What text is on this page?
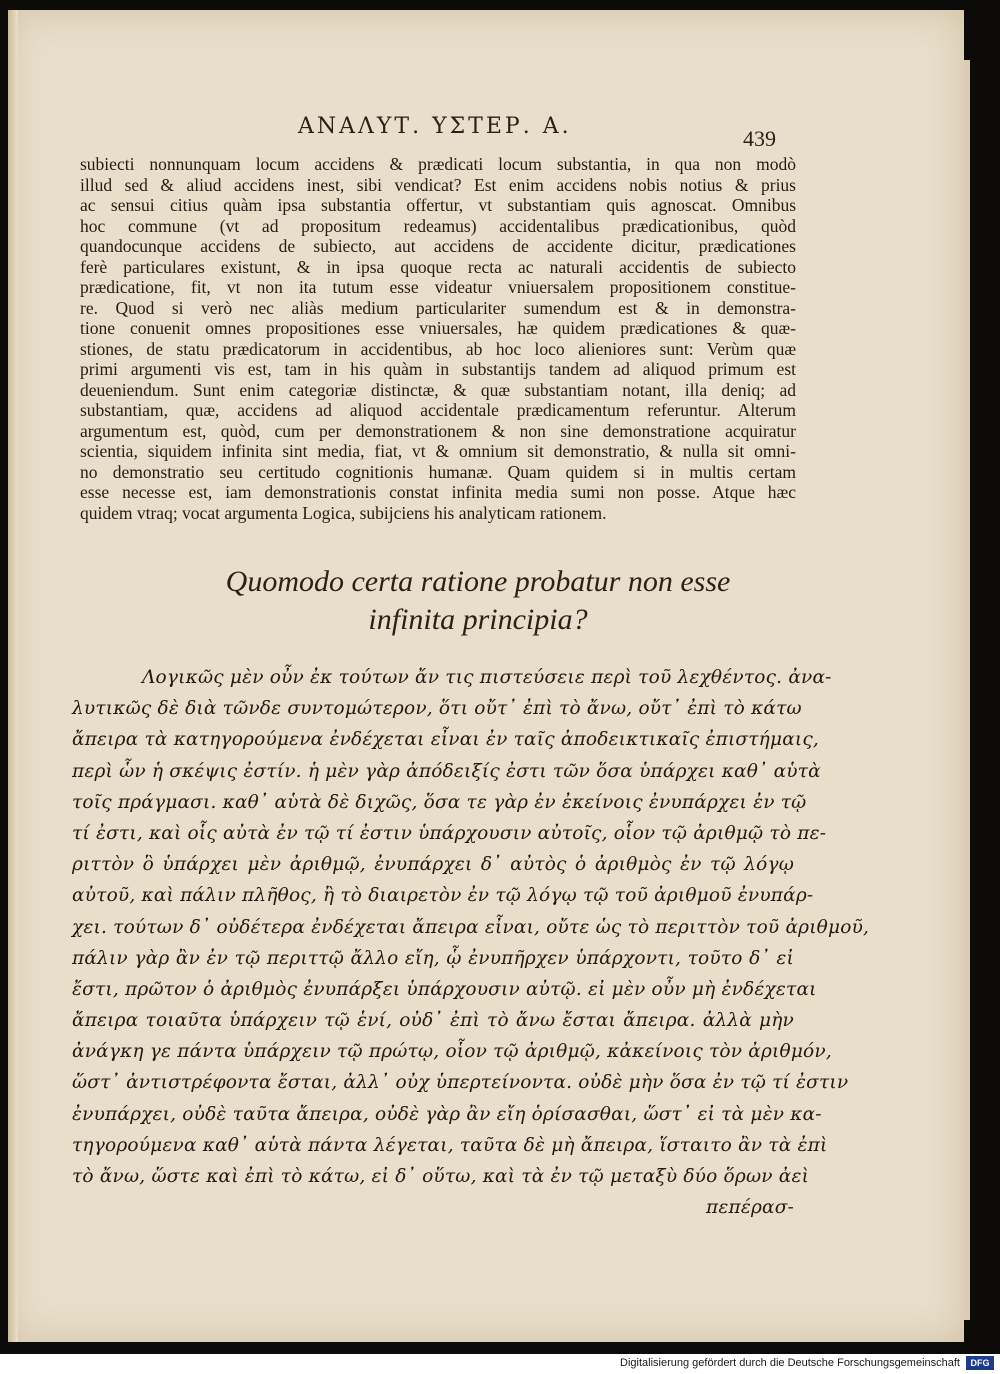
ΑΝΑΛΥΤ. ΥΣΤΕΡ. Α.	439
subiecti nonnunquam locum accidens & prædicati locum substantia, in qua non modò
illud sed & aliud accidens inest, sibi vendicat? Est enim accidens nobis notius & prius
ac sensui citius quàm ipsa substantia offertur, vt substantiam quis agnoscat. Omnibus
hoc commune (vt ad propositum redeamus) accidentalibus prædicationibus, quòd
quandocunque accidens de subiecto, aut accidens de accidente dicitur, prædicationes
ferè particulares existunt, & in ipsa quoque recta ac naturali accidentis de subiecto
prædicatione, fit, vt non ita tutum esse videatur vniuersalem propositionem constitue-
re. Quod si verò nec aliàs medium particulariter sumendum est & in demonstra-
tione conuenit omnes propositiones esse vniuersales, hæ quidem prædicationes & quæ-
stiones, de statu prædicatorum in accidentibus, ab hoc loco alieniores sunt: Verùm quæ
primi argumenti vis est, tam in his quàm in substantijs tandem ad aliquod primum est
deueniendum. Sunt enim categoriæ distinctæ, & quæ substantiam notant, illa deniq; ad
substantiam, quæ, accidens ad aliquod accidentale prædicamentum referuntur. Alterum
argumentum est, quòd, cum per demonstrationem & non sine demonstratione acquiratur
scientia, siquidem infinita sint media, fiat, vt & omnium sit demonstratio, & nulla sit omni-
no demonstratio seu certitudo cognitionis humanæ. Quam quidem si in multis certam
esse necesse est, iam demonstrationis constat infinita media sumi non posse. Atque hæc
quidem vtraq; vocat argumenta Logica, subijciens his analyticam rationem.
Quomodo certa ratione probatur non esse
infinita principia?
Λογικῶς μὲν οὖν ἐκ τούτων ἄν τις πιστεύσειε περὶ τοῦ λεχθέντος. ἀνα-
λυτικῶς δὲ διὰ τῶνδε συντομώτερον, ὅτι οὔτ᾽ ἐπὶ τὸ ἄνω, οὔτ᾽ ἐπὶ τὸ κάτω
ἄπειρα τὰ κατηγορούμενα ἐνδέχεται εἶναι ἐν ταῖς ἀποδεικτικαῖς ἐπιστήμαις,
περὶ ὧν ἡ σκέψις ἐστίν. ἡ μὲν γὰρ ἀπόδειξίς ἐστι τῶν ὅσα ὑπάρχει καθ᾽ αὑτὰ
τοῖς πράγμασι. καθ᾽ αὑτὰ δὲ διχῶς, ὅσα τε γὰρ ἐν ἐκείνοις ἐνυπάρχει ἐν τῷ
τί ἐστι, καὶ οἷς αὐτὰ ἐν τῷ τί ἐστιν ὑπάρχουσιν αὐτοῖς, οἷον τῷ ἀριθμῷ τὸ πε-
ριττὸν ὃ ὑπάρχει μὲν ἀριθμῷ, ἐνυπάρχει δ᾽ αὐτὸς ὁ ἀριθμὸς ἐν τῷ λόγῳ
αὐτοῦ, καὶ πάλιν πλῆθος, ἢ τὸ διαιρετὸν ἐν τῷ λόγῳ τῷ τοῦ ἀριθμοῦ ἐνυπάρ-
χει. τούτων δ᾽ οὐδέτερα ἐνδέχεται ἄπειρα εἶναι, οὔτε ὡς τὸ περιττὸν τοῦ ἀριθμοῦ,
πάλιν γὰρ ἂν ἐν τῷ περιττῷ ἄλλο εἴη, ᾧ ἐνυπῆρχεν ὑπάρχοντι, τοῦτο δ᾽ εἰ
ἔστι, πρῶτον ὁ ἀριθμὸς ἐνυπάρξει ὑπάρχουσιν αὐτῷ. εἰ μὲν οὖν μὴ ἐνδέχεται
ἄπειρα τοιαῦτα ὑπάρχειν τῷ ἑνί, οὐδ᾽ ἐπὶ τὸ ἄνω ἔσται ἄπειρα. ἀλλὰ μὴν
ἀνάγκη γε πάντα ὑπάρχειν τῷ πρώτῳ, οἷον τῷ ἀριθμῷ, κἀκείνοις τὸν ἀριθμόν,
ὥστ᾽ ἀντιστρέφοντα ἔσται, ἀλλ᾽ οὐχ ὑπερτείνοντα. οὐδὲ μὴν ὅσα ἐν τῷ τί ἐστιν
ἐνυπάρχει, οὐδὲ ταῦτα ἄπειρα, οὐδὲ γὰρ ἂν εἴη ὁρίσασθαι, ὥστ᾽ εἰ τὰ μὲν κα-
τηγορούμενα καθ᾽ αὑτὰ πάντα λέγεται, ταῦτα δὲ μὴ ἄπειρα, ἵσταιτο ἂν τὰ ἐπὶ
τὸ ἄνω, ὥστε καὶ ἐπὶ τὸ κάτω, εἰ δ᾽ οὕτω, καὶ τὰ ἐν τῷ μεταξὺ δύο ὅρων ἀεὶ
πεπέρασ-
Digitalisierung gefördert durch die Deutsche Forschungsgemeinschaft	DFG
